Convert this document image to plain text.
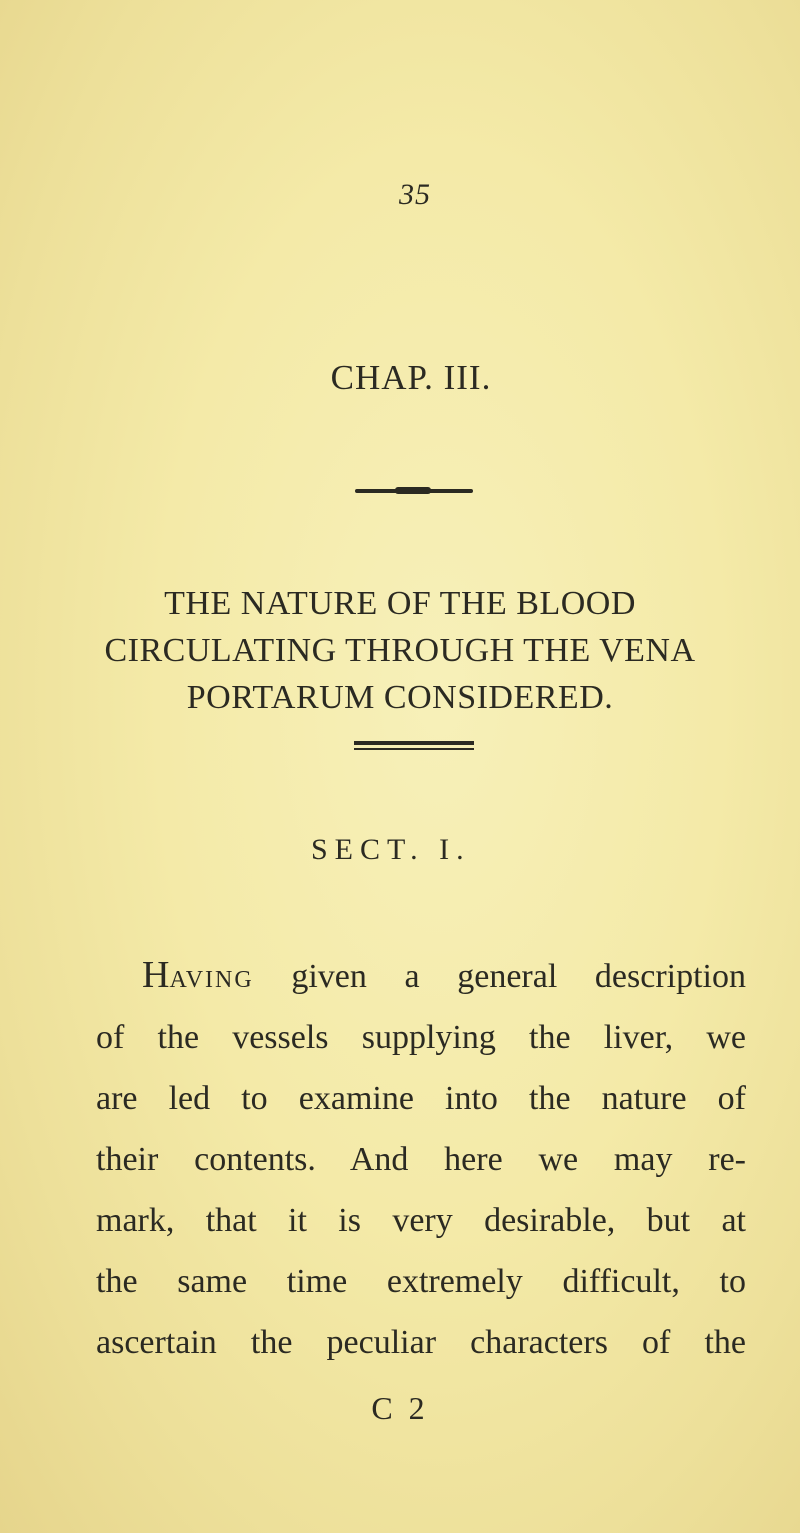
35
CHAP. III.
THE NATURE OF THE BLOOD
CIRCULATING THROUGH THE VENA
PORTARUM CONSIDERED.
SECT. I.
Having given a general description
of the vessels supplying the liver, we
are led to examine into the nature of
their contents. And here we may re-
mark, that it is very desirable, but at
the same time extremely difficult, to
ascertain the peculiar characters of the
C 2
